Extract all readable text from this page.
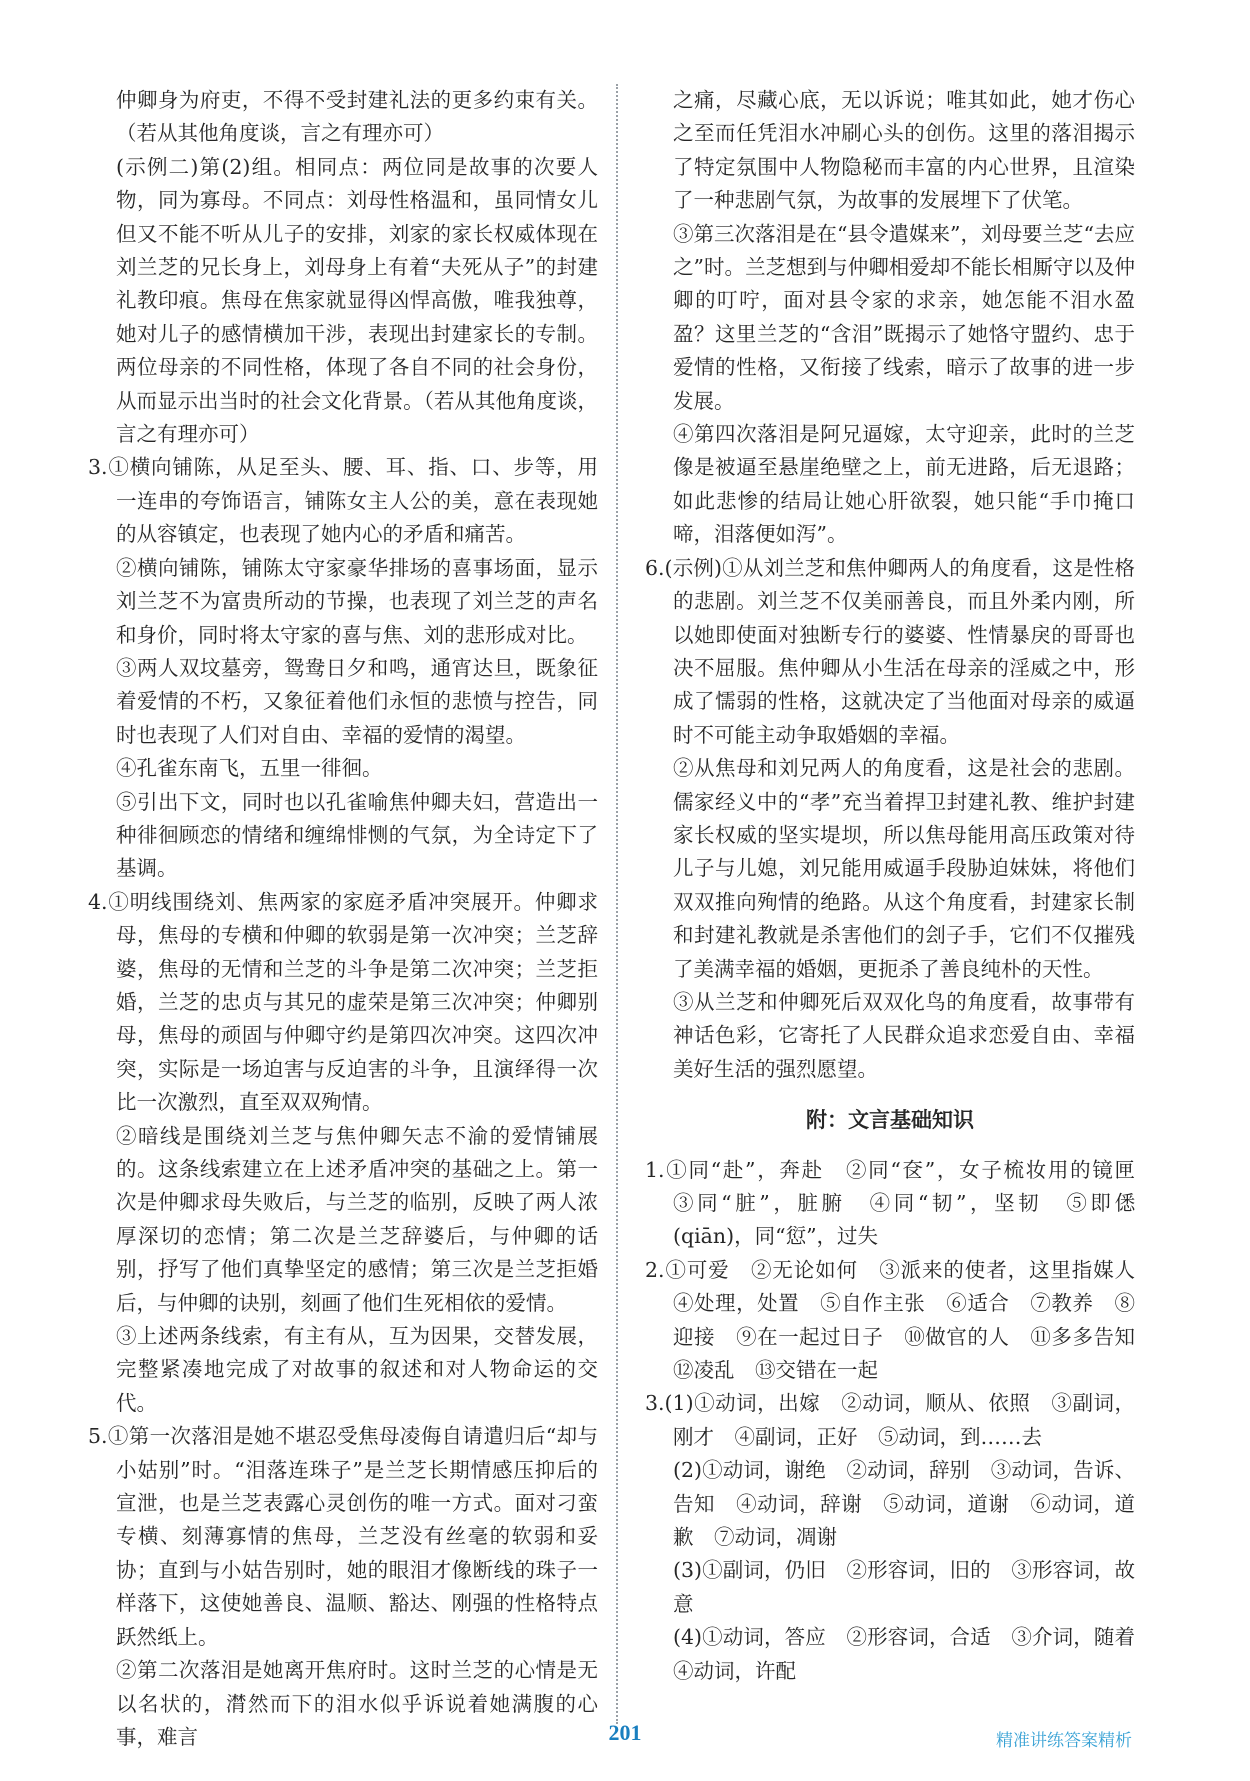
仲卿身为府吏，不得不受封建礼法的更多约束有关。（若从其他角度谈，言之有理亦可）

(示例二)第(2)组。相同点：两位同是故事的次要人物，同为寡母。不同点：刘母性格温和，虽同情女儿但又不能不听从儿子的安排，刘家的家长权威体现在刘兰芝的兄长身上，刘母身上有着“夫死从子”的封建礼教印痕。焦母在焦家就显得凶悍高傲，唯我独尊，她对儿子的感情横加干涉，表现出封建家长的专制。两位母亲的不同性格，体现了各自不同的社会身份，从而显示出当时的社会文化背景。（若从其他角度谈，言之有理亦可）

3.①横向铺陈，从足至头、腰、耳、指、口、步等，用一连串的夸饰语言，铺陈女主人公的美，意在表现她的从容镇定，也表现了她内心的矛盾和痛苦。

②横向铺陈，铺陈太守家豪华排场的喜事场面，显示刘兰芝不为富贵所动的节操，也表现了刘兰芝的声名和身价，同时将太守家的喜与焦、刘的悲形成对比。

③两人双坟墓旁，鸳鸯日夕和鸣，通宵达旦，既象征着爱情的不朽，又象征着他们永恒的悲愤与控告，同时也表现了人们对自由、幸福的爱情的渴望。

④孔雀东南飞，五里一徘徊。

⑤引出下文，同时也以孔雀喻焦仲卿夫妇，营造出一种徘徊顾恋的情绪和缠绵悱恻的气氛，为全诗定下了基调。

4.①明线围绕刘、焦两家的家庭矛盾冲突展开。仲卿求母，焦母的专横和仲卿的软弱是第一次冲突；兰芝辞婆，焦母的无情和兰芝的斗争是第二次冲突；兰芝拒婚，兰芝的忠贞与其兄的虚荣是第三次冲突；仲卿别母，焦母的顽固与仲卿守约是第四次冲突。这四次冲突，实际是一场迫害与反迫害的斗争，且演绎得一次比一次激烈，直至双双殉情。

②暗线是围绕刘兰芝与焦仲卿矢志不渝的爱情铺展的。这条线索建立在上述矛盾冲突的基础之上。第一次是仲卿求母失败后，与兰芝的临别，反映了两人浓厚深切的恋情；第二次是兰芝辞婆后，与仲卿的话别，抒写了他们真挚坚定的感情；第三次是兰芝拒婚后，与仲卿的诀别，刻画了他们生死相依的爱情。

③上述两条线索，有主有从，互为因果，交替发展，完整紧凑地完成了对故事的叙述和对人物命运的交代。

5.①第一次落泪是她不堪忍受焦母凌侮自请遣归后“却与小姑别”时。“泪落连珠子”是兰芝长期情感压抑后的宣泄，也是兰芝表露心灵创伤的唯一方式。面对刁蛮专横、刻薄寡情的焦母，兰芝没有丝毫的软弱和妥协；直到与小姑告别时，她的眼泪才像断线的珠子一样落下，这使她善良、温顺、豁达、刚强的性格特点跃然纸上。

②第二次落泪是她离开焦府时。这时兰芝的心情是无以名状的，潸然而下的泪水似乎诉说着她满腹的心事，难言

之痛，尽藏心底，无以诉说；唯其如此，她才伤心之至而任凭泪水冲刷心头的创伤。这里的落泪揭示了特定氛围中人物隐秘而丰富的内心世界，且渲染了一种悲剧气氛，为故事的发展埋下了伏笔。

③第三次落泪是在“县令遣媒来”，刘母要兰芝“去应之”时。兰芝想到与仲卿相爱却不能长相厮守以及仲卿的叮咛，面对县令家的求亲，她怎能不泪水盈盈？这里兰芝的“含泪”既揭示了她恪守盟约、忠于爱情的性格，又衔接了线索，暗示了故事的进一步发展。

④第四次落泪是阿兄逼嫁，太守迎亲，此时的兰芝像是被逼至悬崖绝壁之上，前无进路，后无退路；如此悲惨的结局让她心肝欲裂，她只能“手巾掩口啼，泪落便如泻”。

6.(示例)①从刘兰芝和焦仲卿两人的角度看，这是性格的悲剧。刘兰芝不仅美丽善良，而且外柔内刚，所以她即使面对独断专行的婆婆、性情暴戾的哥哥也决不屈服。焦仲卿从小生活在母亲的淫威之中，形成了懦弱的性格，这就决定了当他面对母亲的威逼时不可能主动争取婚姻的幸福。

②从焦母和刘兄两人的角度看，这是社会的悲剧。儒家经义中的“孝”充当着捍卫封建礼教、维护封建家长权威的坚实堤坝，所以焦母能用高压政策对待儿子与儿媳，刘兄能用威逼手段胁迫妹妹，将他们双双推向殉情的绝路。从这个角度看，封建家长制和封建礼教就是杀害他们的刽子手，它们不仅摧残了美满幸福的婚姻，更扼杀了善良纯朴的天性。

③从兰芝和仲卿死后双双化鸟的角度看，故事带有神话色彩，它寄托了人民群众追求恋爱自由、幸福美好生活的强烈愿望。

附：文言基础知识

1.①同“赴”，奔赴　②同“奁”，女子梳妆用的镜匣　③同“脏”，脏腑　④同“韧”，坚韧　⑤即僁(qiān)，同“愆”，过失

2.①可爱　②无论如何　③派来的使者，这里指媒人　④处理，处置　⑤自作主张　⑥适合　⑦教养　⑧迎接　⑨在一起过日子　⑩做官的人　⑪多多告知　⑫凌乱　⑬交错在一起

3.(1)①动词，出嫁　②动词，顺从、依照　③副词，刚才　④副词，正好　⑤动词，到……去

(2)①动词，谢绝　②动词，辞别　③动词，告诉、告知　④动词，辞谢　⑤动词，道谢　⑥动词，道歉　⑦动词，凋谢

(3)①副词，仍旧　②形容词，旧的　③形容词，故意

(4)①动词，答应　②形容词，合适　③介词，随着　④动词，许配

201	精准讲练答案精析
